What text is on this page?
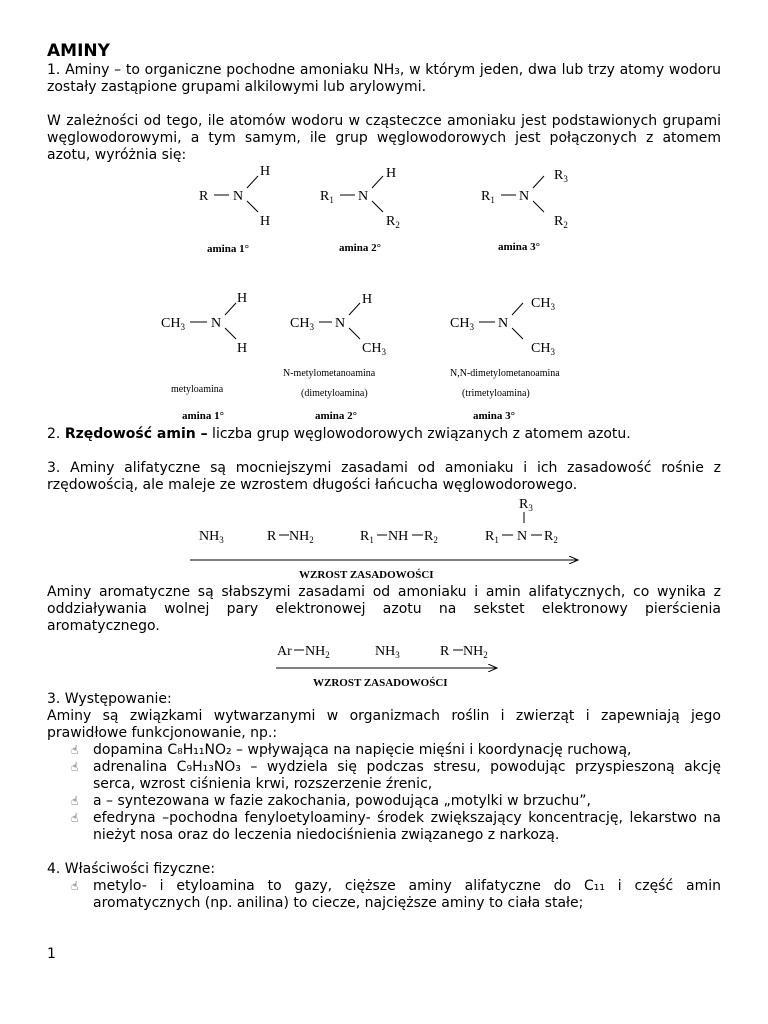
AMINY

1. Aminy – to organiczne pochodne amoniaku NH₃, w którym jeden, dwa lub trzy atomy wodoru zostały zastąpione grupami alkilowymi lub arylowymi.

W zależności od tego, ile atomów wodoru w cząsteczce amoniaku jest podstawionych grupami węglowodorowymi, a tym samym, ile grup węglowodorowych jest połączonych z atomem azotu, wyróżnia się:

R N
H
H
$R_1$ N
H
$R_2$
$R_1$ N
$R_3$
$R_2$
amina 1°	amina 2°	amina 3°
$CH_3$ N
H
H
$CH_3$ N
H
$CH_3$
$CH_3$ N
$CH_3$
$CH_3$
metyloamina
N-metylometanoamina
(dimetyloamina)
N,N-dimetylometanoamina
(trimetyloamina)
amina 1°	amina 2°	amina 3°

2. Rzędowość amin – liczba grup węglowodorowych związanych z atomem azotu.

3. Aminy alifatyczne są mocniejszymi zasadami od amoniaku i ich zasadowość rośnie z rzędowością, ale maleje ze wzrostem długości łańcucha węglowodorowego.

$NH_3$	R $NH_2$	$R_1$ NH $R_2$
$R_3$
$R_1$ N $R_2$
WZROST ZASADOWOŚCI

Aminy aromatyczne są słabszymi zasadami od amoniaku i amin alifatycznych, co wynika z oddziaływania wolnej pary elektronowej azotu na sekstet elektronowy pierścienia aromatycznego.

Ar $NH_2$	$NH_3$	R $NH_2$
WZROST ZASADOWOŚCI

3. Występowanie:

Aminy są związkami wytwarzanymi w organizmach roślin i zwierząt i zapewniają jego prawidłowe funkcjonowanie, np.:

☝ dopamina C₈H₁₁NO₂ – wpływająca na napięcie mięśni i koordynację ruchową,
☝ adrenalina C₉H₁₃NO₃ – wydziela się podczas stresu, powodując przyspieszoną akcję serca, wzrost ciśnienia krwi, rozszerzenie źrenic,
☝ a – syntezowana w fazie zakochania, powodująca „motylki w brzuchu”,
☝ efedryna –pochodna fenyloetyloaminy- środek zwiększający koncentrację, lekarstwo na nieżyt nosa oraz do leczenia niedociśnienia związanego z narkozą.

4. Właściwości fizyczne:

☝ metylo- i etyloamina to gazy, cięższe aminy alifatyczne do C₁₁ i część amin aromatycznych (np. anilina) to ciecze, najcięższe aminy to ciała stałe;
1
